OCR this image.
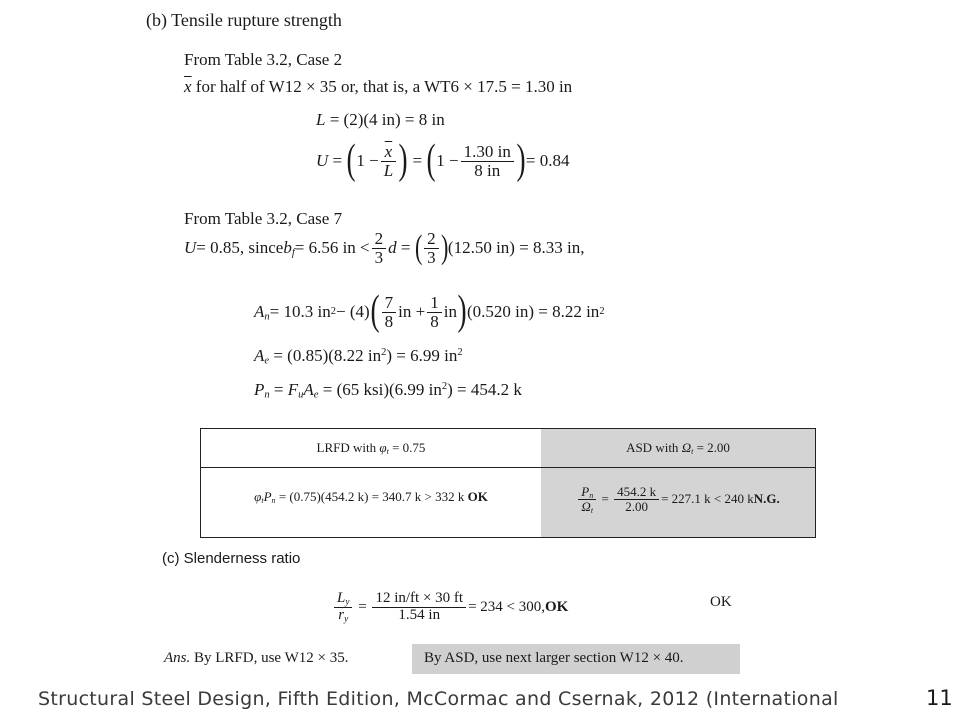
(b) Tensile rupture strength
From Table 3.2, Case 2
$\overline{x}$ for half of W12 × 35 or, that is, a WT6 × 17.5 = 1.30 in
L = (2)(4 in) = 8 in
U = ( $1 - \frac{\overline{x}}{L}$ ) = ( $1 - \frac{1.30 in}{8 in}$ ) = 0.84
From Table 3.2, Case 7
U = 0.85, since $b_f = 6.56$ in < $\frac{2}{3}$ d = ( $\frac{2}{3}$ ) (12.50 in) = 8.33 in,
$A_n = 10.3$ in 2 − (4) ( $\frac{7}{8}$ in + $\frac{1}{8}$ in ) (0.520 in) = 8.22 in 2
$A_e = (0.85)(8.22$ $in^2) = 6.99$ $in^2$
$P_n = F_uA_e = (65$ ksi)(6.99 $in^2) = 454.2$ k
LRFD with $\varphi_t = 0.75$	ASD with $\Omega_t = 2.00$
$\varphi_tP_n = (0.75)(454.2$ k) = 340.7 k > 332 k OK	$\frac{P_n}{\Omega_t} = \frac{454.2 k}{2.00} = 227.1$ k < 240 k N.G.
(c) Slenderness ratio
$\frac{L_y}{r_y} = \frac{12 in/ft \times 30 ft}{1.54 in} = 234 < 300$, OK	OK
Ans. By LRFD, use W12 × 35.	By ASD, use next larger section W12 × 40.
Structural Steel Design, Fifth Edition, McCormac and Csernak, 2012 (International	11
